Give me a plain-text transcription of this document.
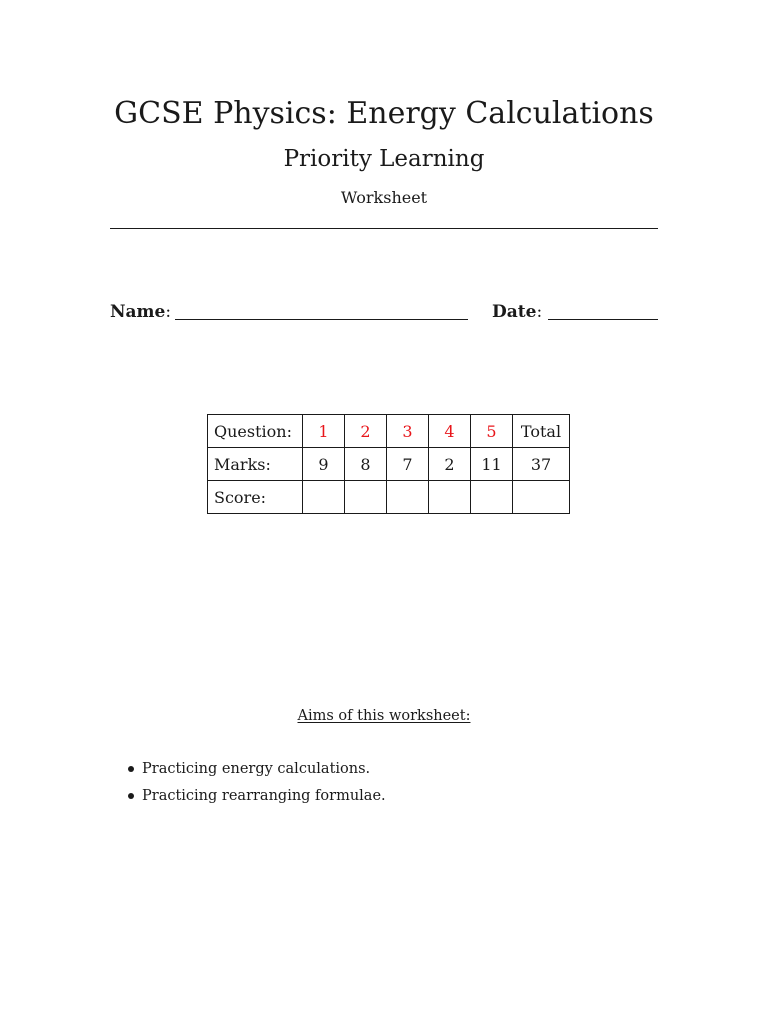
GCSE Physics: Energy Calculations
Priority Learning
Worksheet
Name:	Date:
Question:	1	2	3	4	5	Total
Marks:	9	8	7	2	11	37
Score:						
Aims of this worksheet:
Practicing energy calculations.
Practicing rearranging formulae.
